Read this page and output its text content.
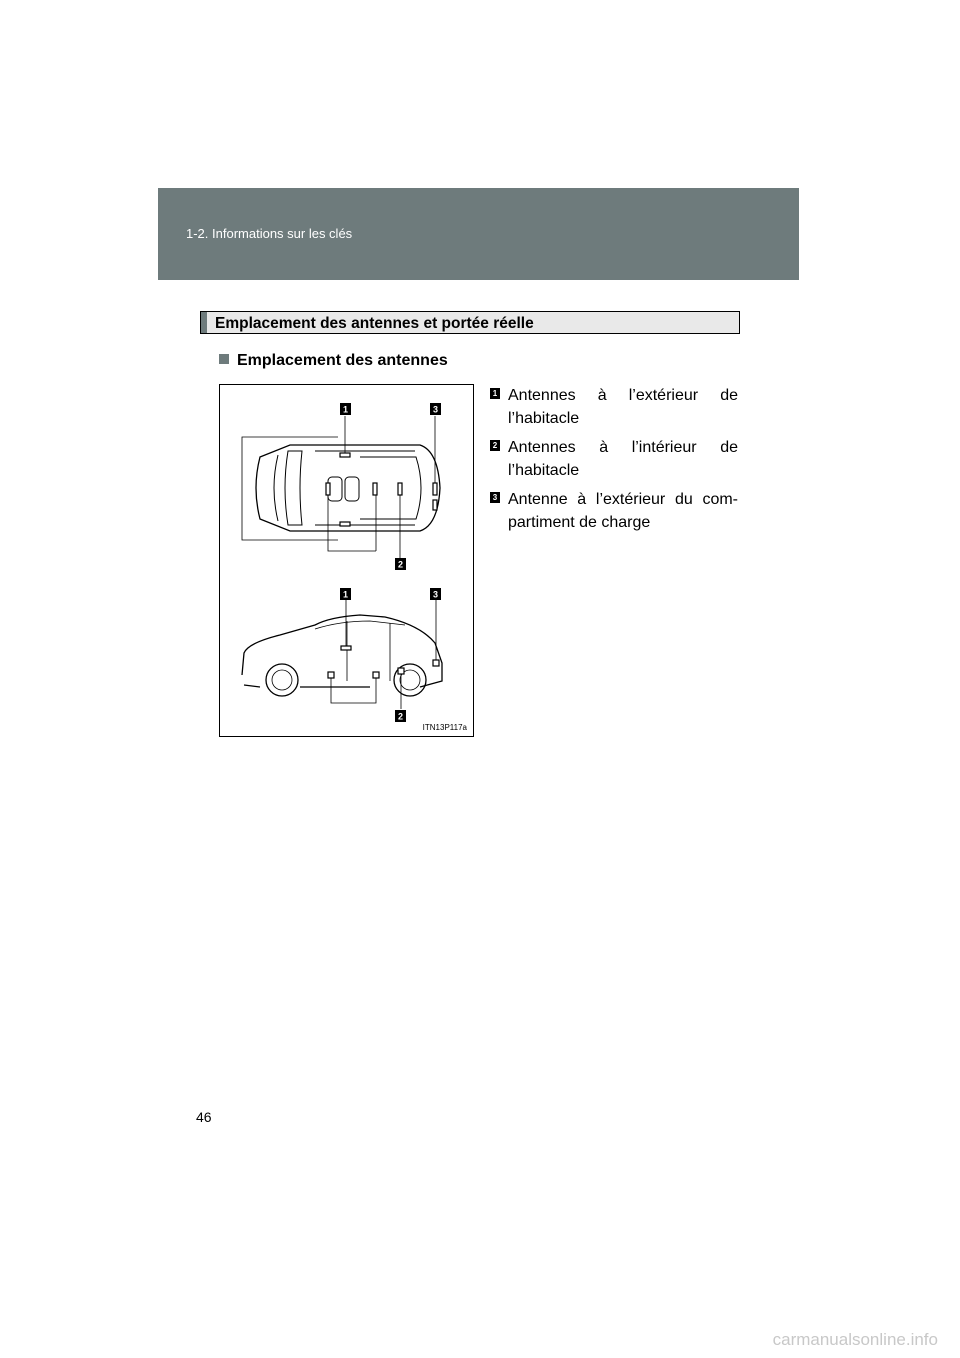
1-2. Informations sur les clés
Emplacement des antennes et portée réelle
Emplacement des antennes
1	3
2
1	3
2
ITN13P117a
1 Antennes à l’extérieur de l’habitacle
2 Antennes à l’intérieur de l’habitacle
3 Antenne à l’extérieur du compartiment de charge
46
carmanualsonline.info
